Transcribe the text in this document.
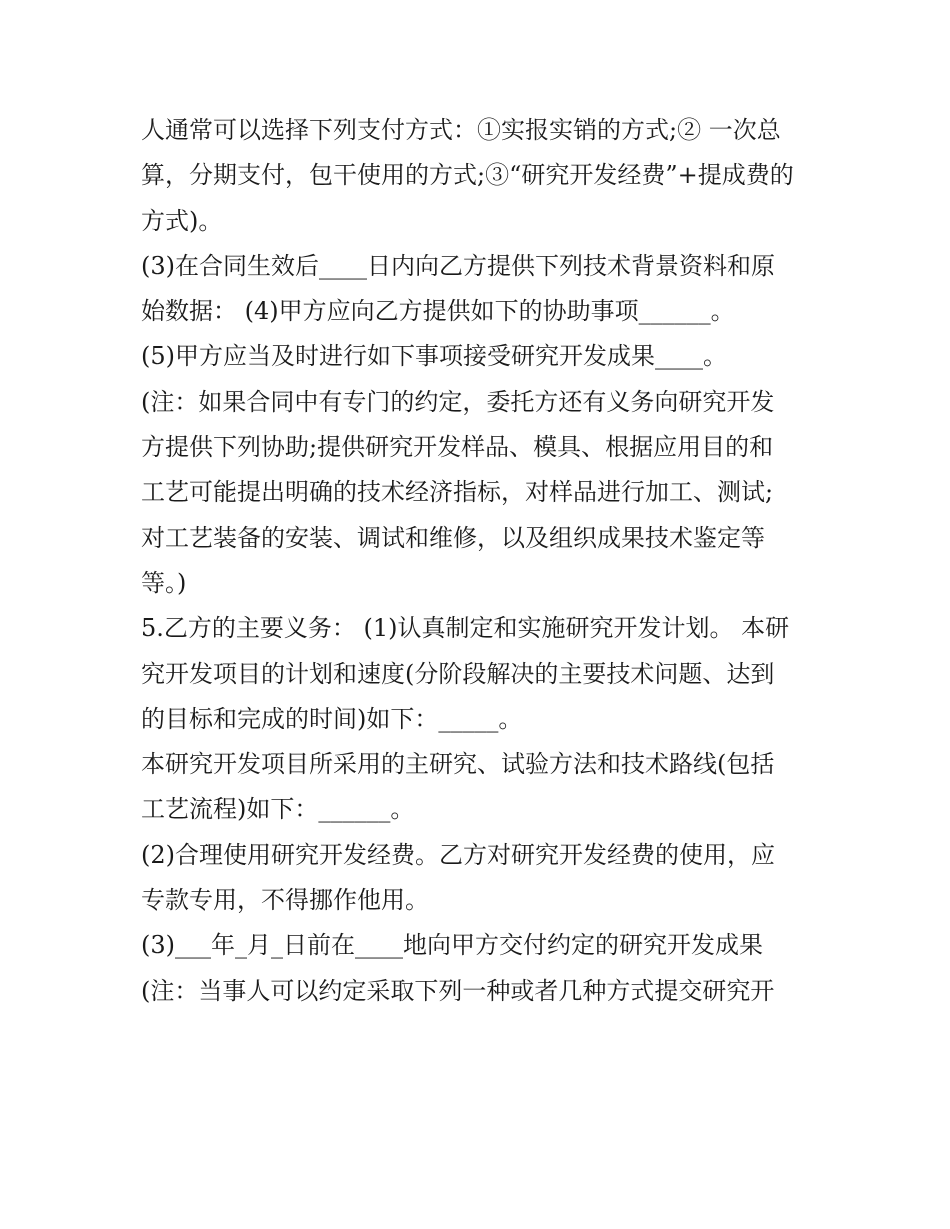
人通常可以选择下列支付方式：①实报实销的方式;② 一次总
算，分期支付，包干使用的方式;③“研究开发经费”+提成费的
方式)。
(3)在合同生效后____日内向乙方提供下列技术背景资料和原
始数据： (4)甲方应向乙方提供如下的协助事项______。
(5)甲方应当及时进行如下事项接受研究开发成果____。
(注：如果合同中有专门的约定，委托方还有义务向研究开发
方提供下列协助;提供研究开发样品、模具、根据应用目的和
工艺可能提出明确的技术经济指标，对样品进行加工、测试;
对工艺装备的安装、调试和维修，以及组织成果技术鉴定等
等。)
5.乙方的主要义务： (1)认真制定和实施研究开发计划。 本研
究开发项目的计划和速度(分阶段解决的主要技术问题、达到
的目标和完成的时间)如下：_____。
本研究开发项目所采用的主研究、试验方法和技术路线(包括
工艺流程)如下：______。
(2)合理使用研究开发经费。乙方对研究开发经费的使用，应
专款专用，不得挪作他用。
(3)___年_月_日前在____地向甲方交付约定的研究开发成果
(注：当事人可以约定采取下列一种或者几种方式提交研究开
